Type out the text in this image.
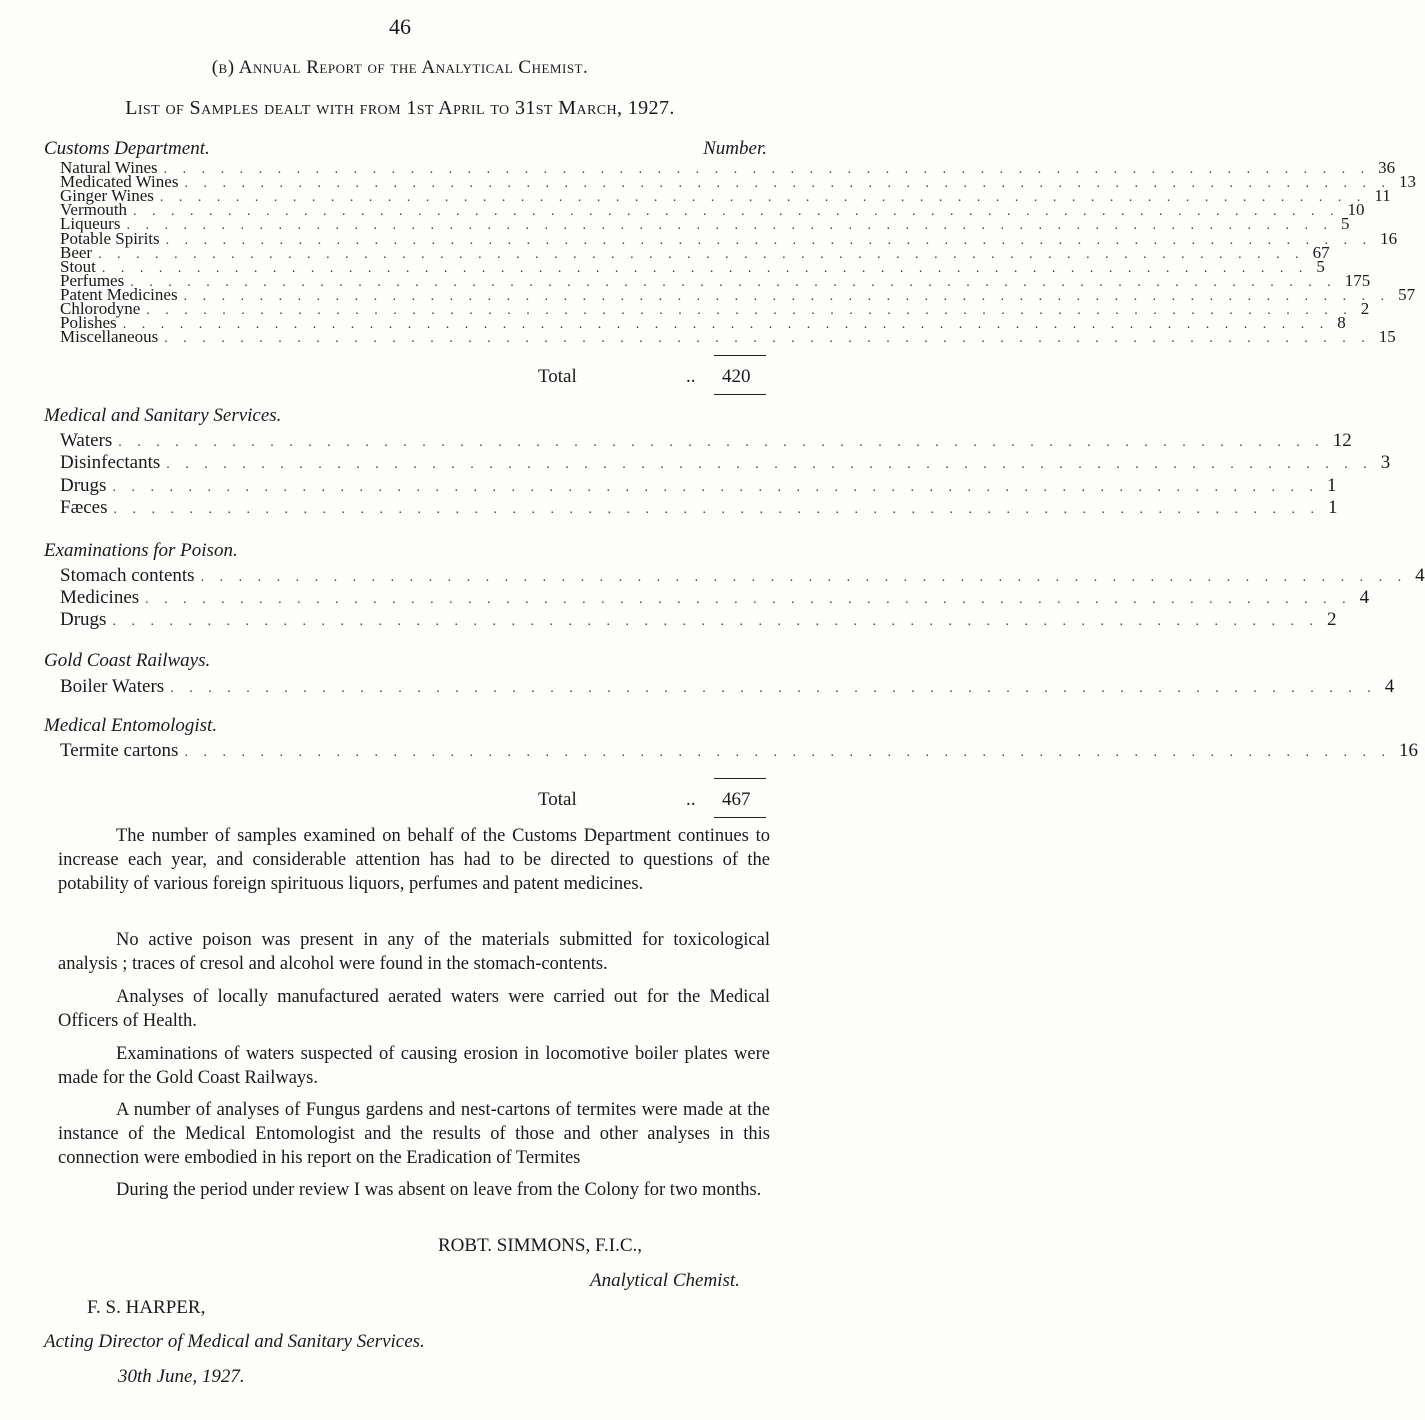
46
(b) Annual Report of the Analytical Chemist.
List of Samples dealt with from 1st April to 31st March, 1927.
Customs Department.	Number.
Natural Wines . . . . . . . . . . . . . . . . . . . . . . . . . . . . . . . . . . . . . . . . . . . . . . . . . . . . . . . . . . . . . . . . 36
Medicated Wines . . . . . . . . . . . . . . . . . . . . . . . . . . . . . . . . . . . . . . . . . . . . . . . . . . . . . . . . . . . . . . . . 13
Ginger Wines . . . . . . . . . . . . . . . . . . . . . . . . . . . . . . . . . . . . . . . . . . . . . . . . . . . . . . . . . . . . . . . . 11
Vermouth . . . . . . . . . . . . . . . . . . . . . . . . . . . . . . . . . . . . . . . . . . . . . . . . . . . . . . . . . . . . . . . . 10
Liqueurs . . . . . . . . . . . . . . . . . . . . . . . . . . . . . . . . . . . . . . . . . . . . . . . . . . . . . . . . . . . . . . . . 5
Potable Spirits . . . . . . . . . . . . . . . . . . . . . . . . . . . . . . . . . . . . . . . . . . . . . . . . . . . . . . . . . . . . . . . . 16
Beer . . . . . . . . . . . . . . . . . . . . . . . . . . . . . . . . . . . . . . . . . . . . . . . . . . . . . . . . . . . . . . . . 67
Stout . . . . . . . . . . . . . . . . . . . . . . . . . . . . . . . . . . . . . . . . . . . . . . . . . . . . . . . . . . . . . . . . 5
Perfumes . . . . . . . . . . . . . . . . . . . . . . . . . . . . . . . . . . . . . . . . . . . . . . . . . . . . . . . . . . . . . . . . 175
Patent Medicines . . . . . . . . . . . . . . . . . . . . . . . . . . . . . . . . . . . . . . . . . . . . . . . . . . . . . . . . . . . . . . . . 57
Chlorodyne . . . . . . . . . . . . . . . . . . . . . . . . . . . . . . . . . . . . . . . . . . . . . . . . . . . . . . . . . . . . . . . . 2
Polishes . . . . . . . . . . . . . . . . . . . . . . . . . . . . . . . . . . . . . . . . . . . . . . . . . . . . . . . . . . . . . . . . 8
Miscellaneous . . . . . . . . . . . . . . . . . . . . . . . . . . . . . . . . . . . . . . . . . . . . . . . . . . . . . . . . . . . . . . . . 15
Total	.. 420
Medical and Sanitary Services.
Waters . . . . . . . . . . . . . . . . . . . . . . . . . . . . . . . . . . . . . . . . . . . . . . . . . . . . . . . . . . . . . . . . 12
Disinfectants . . . . . . . . . . . . . . . . . . . . . . . . . . . . . . . . . . . . . . . . . . . . . . . . . . . . . . . . . . . . . . . . 3
Drugs . . . . . . . . . . . . . . . . . . . . . . . . . . . . . . . . . . . . . . . . . . . . . . . . . . . . . . . . . . . . . . . . 1
Fæces . . . . . . . . . . . . . . . . . . . . . . . . . . . . . . . . . . . . . . . . . . . . . . . . . . . . . . . . . . . . . . . . 1
Examinations for Poison.
Stomach contents . . . . . . . . . . . . . . . . . . . . . . . . . . . . . . . . . . . . . . . . . . . . . . . . . . . . . . . . . . . . . . . . 4
Medicines . . . . . . . . . . . . . . . . . . . . . . . . . . . . . . . . . . . . . . . . . . . . . . . . . . . . . . . . . . . . . . . . 4
Drugs . . . . . . . . . . . . . . . . . . . . . . . . . . . . . . . . . . . . . . . . . . . . . . . . . . . . . . . . . . . . . . . . 2
Gold Coast Railways.
Boiler Waters . . . . . . . . . . . . . . . . . . . . . . . . . . . . . . . . . . . . . . . . . . . . . . . . . . . . . . . . . . . . . . . . 4
Medical Entomologist.
Termite cartons . . . . . . . . . . . . . . . . . . . . . . . . . . . . . . . . . . . . . . . . . . . . . . . . . . . . . . . . . . . . . . . . 16
Total	.. 467

The number of samples examined on behalf of the Customs Department continues to increase each year, and considerable attention has had to be directed to questions of the potability of various foreign spirituous liquors, perfumes and patent medicines.

No active poison was present in any of the materials submitted for toxicological analysis ; traces of cresol and alcohol were found in the stomach-contents.

Analyses of locally manufactured aerated waters were carried out for the Medical Officers of Health.

Examinations of waters suspected of causing erosion in locomotive boiler plates were made for the Gold Coast Railways.

A number of analyses of Fungus gardens and nest-cartons of termites were made at the instance of the Medical Entomologist and the results of those and other analyses in this connection were embodied in his report on the Eradication of Termites

During the period under review I was absent on leave from the Colony for two months.

ROBT. SIMMONS, F.I.C.,
Analytical Chemist.
F. S. HARPER,
Acting Director of Medical and Sanitary Services.
30th June, 1927.
